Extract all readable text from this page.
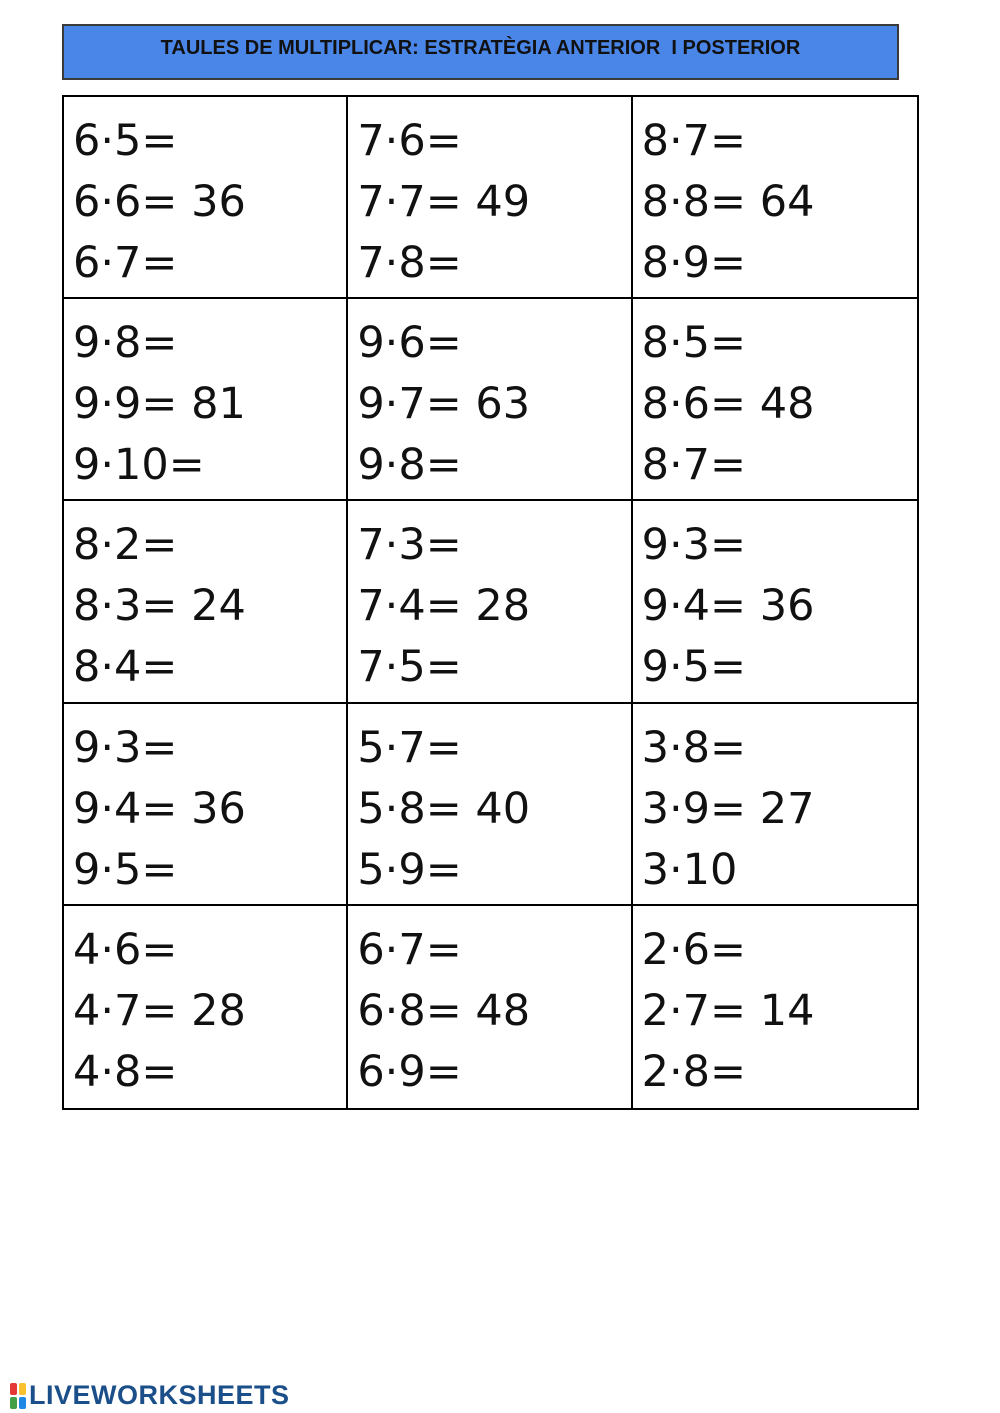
TAULES DE MULTIPLICAR: ESTRATÈGIA ANTERIOR  I POSTERIOR
6·5=
6·6= 36
6·7=
7·6=
7·7= 49
7·8=
8·7=
8·8= 64
8·9=
9·8=
9·9= 81
9·10=
9·6=
9·7= 63
9·8=
8·5=
8·6= 48
8·7=
8·2=
8·3= 24
8·4=
7·3=
7·4= 28
7·5=
9·3=
9·4= 36
9·5=
9·3=
9·4= 36
9·5=
5·7=
5·8= 40
5·9=
3·8=
3·9= 27
3·10
4·6=
4·7= 28
4·8=
6·7=
6·8= 48
6·9=
2·6=
2·7= 14
2·8=
LIVEWORKSHEETS
